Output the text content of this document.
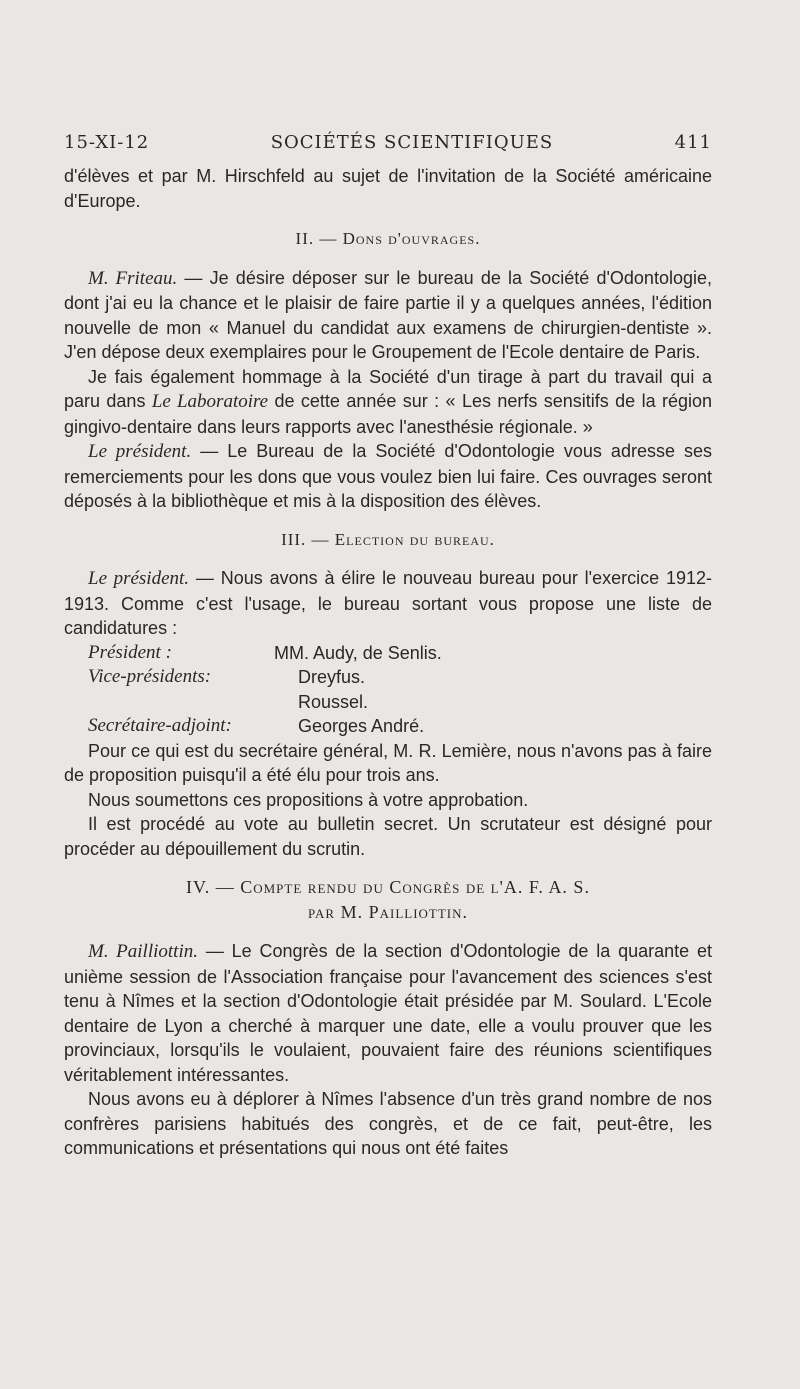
15-XI-12	SOCIÉTÉS SCIENTIFIQUES	411

d'élèves et par M. Hirschfeld au sujet de l'invitation de la Société américaine d'Europe.

II. — Dons d'ouvrages.

M. Friteau. — Je désire déposer sur le bureau de la Société d'Odontologie, dont j'ai eu la chance et le plaisir de faire partie il y a quelques années, l'édition nouvelle de mon « Manuel du candidat aux examens de chirurgien-dentiste ». J'en dépose deux exemplaires pour le Groupement de l'Ecole dentaire de Paris.

Je fais également hommage à la Société d'un tirage à part du travail qui a paru dans Le Laboratoire de cette année sur : « Les nerfs sensitifs de la région gingivo-dentaire dans leurs rapports avec l'anesthésie régionale. »

Le président. — Le Bureau de la Société d'Odontologie vous adresse ses remerciements pour les dons que vous voulez bien lui faire. Ces ouvrages seront déposés à la bibliothèque et mis à la disposition des élèves.

III. — Election du bureau.

Le président. — Nous avons à élire le nouveau bureau pour l'exercice 1912-1913. Comme c'est l'usage, le bureau sortant vous propose une liste de candidatures :

Président :	MM. Audy, de Senlis.
Vice-présidents:	Dreyfus.
Roussel.
Secrétaire-adjoint:	Georges André.

Pour ce qui est du secrétaire général, M. R. Lemière, nous n'avons pas à faire de proposition puisqu'il a été élu pour trois ans.

Nous soumettons ces propositions à votre approbation.

Il est procédé au vote au bulletin secret. Un scrutateur est désigné pour procéder au dépouillement du scrutin.

IV. — Compte rendu du Congrès de l'A. F. A. S.
par M. Pailliottin.

M. Pailliottin. — Le Congrès de la section d'Odontologie de la quarante et unième session de l'Association française pour l'avancement des sciences s'est tenu à Nîmes et la section d'Odontologie était présidée par M. Soulard. L'Ecole dentaire de Lyon a cherché à marquer une date, elle a voulu prouver que les provinciaux, lorsqu'ils le voulaient, pouvaient faire des réunions scientifiques véritablement intéressantes.

Nous avons eu à déplorer à Nîmes l'absence d'un très grand nombre de nos confrères parisiens habitués des congrès, et de ce fait, peut-être, les communications et présentations qui nous ont été faites
